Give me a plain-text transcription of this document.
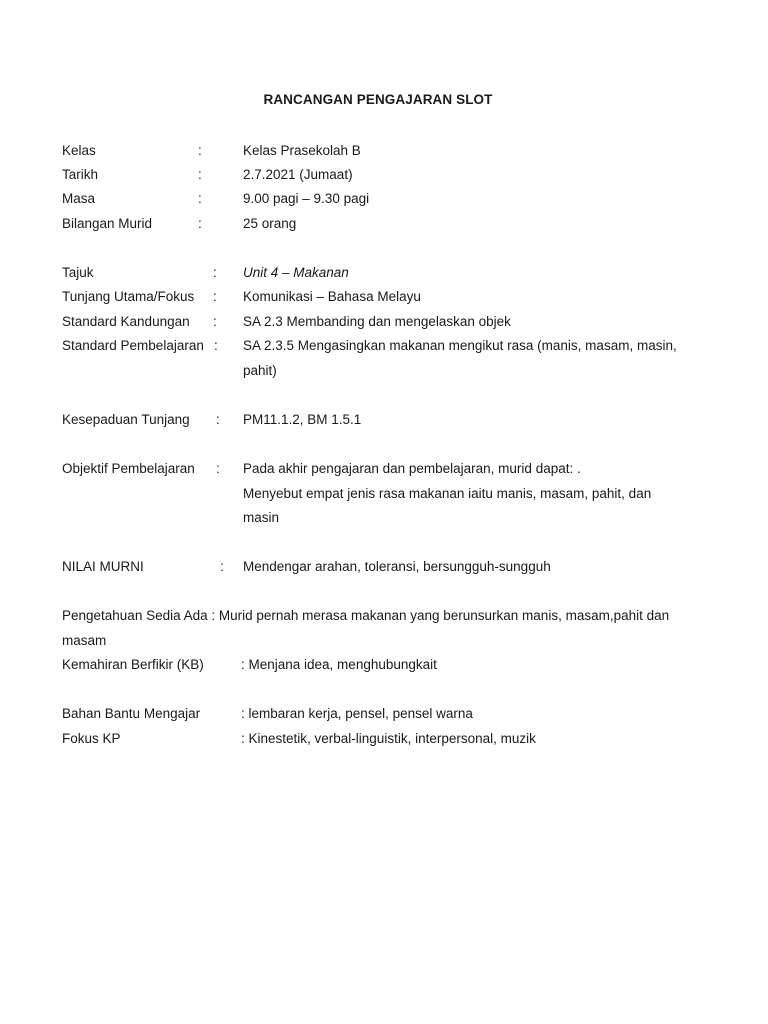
RANCANGAN PENGAJARAN SLOT
Kelas	:	Kelas Prasekolah B
Tarikh	:	2.7.2021 (Jumaat)
Masa	:	9.00 pagi – 9.30 pagi
Bilangan Murid	:	25 orang
Tajuk	: Unit 4 – Makanan
Tunjang Utama/Fokus : Komunikasi – Bahasa Melayu
Standard Kandungan : SA 2.3 Membanding dan mengelaskan objek
Standard Pembelajaran : SA 2.3.5 Mengasingkan makanan mengikut rasa (manis, masam, masin,
pahit)
Kesepaduan Tunjang : PM11.1.2, BM 1.5.1
Objektif Pembelajaran : Pada akhir pengajaran dan pembelajaran, murid dapat: .
Menyebut empat jenis rasa makanan iaitu manis, masam, pahit, dan
masin
NILAI MURNI	: Mendengar arahan, toleransi, bersungguh-sungguh
Pengetahuan Sedia Ada : Murid pernah merasa makanan yang berunsurkan manis, masam,pahit dan
masam
Kemahiran Berfikir (KB)	: Menjana idea, menghubungkait
Bahan Bantu Mengajar	: lembaran kerja, pensel, pensel warna
Fokus KP	: Kinestetik, verbal-linguistik, interpersonal, muzik
